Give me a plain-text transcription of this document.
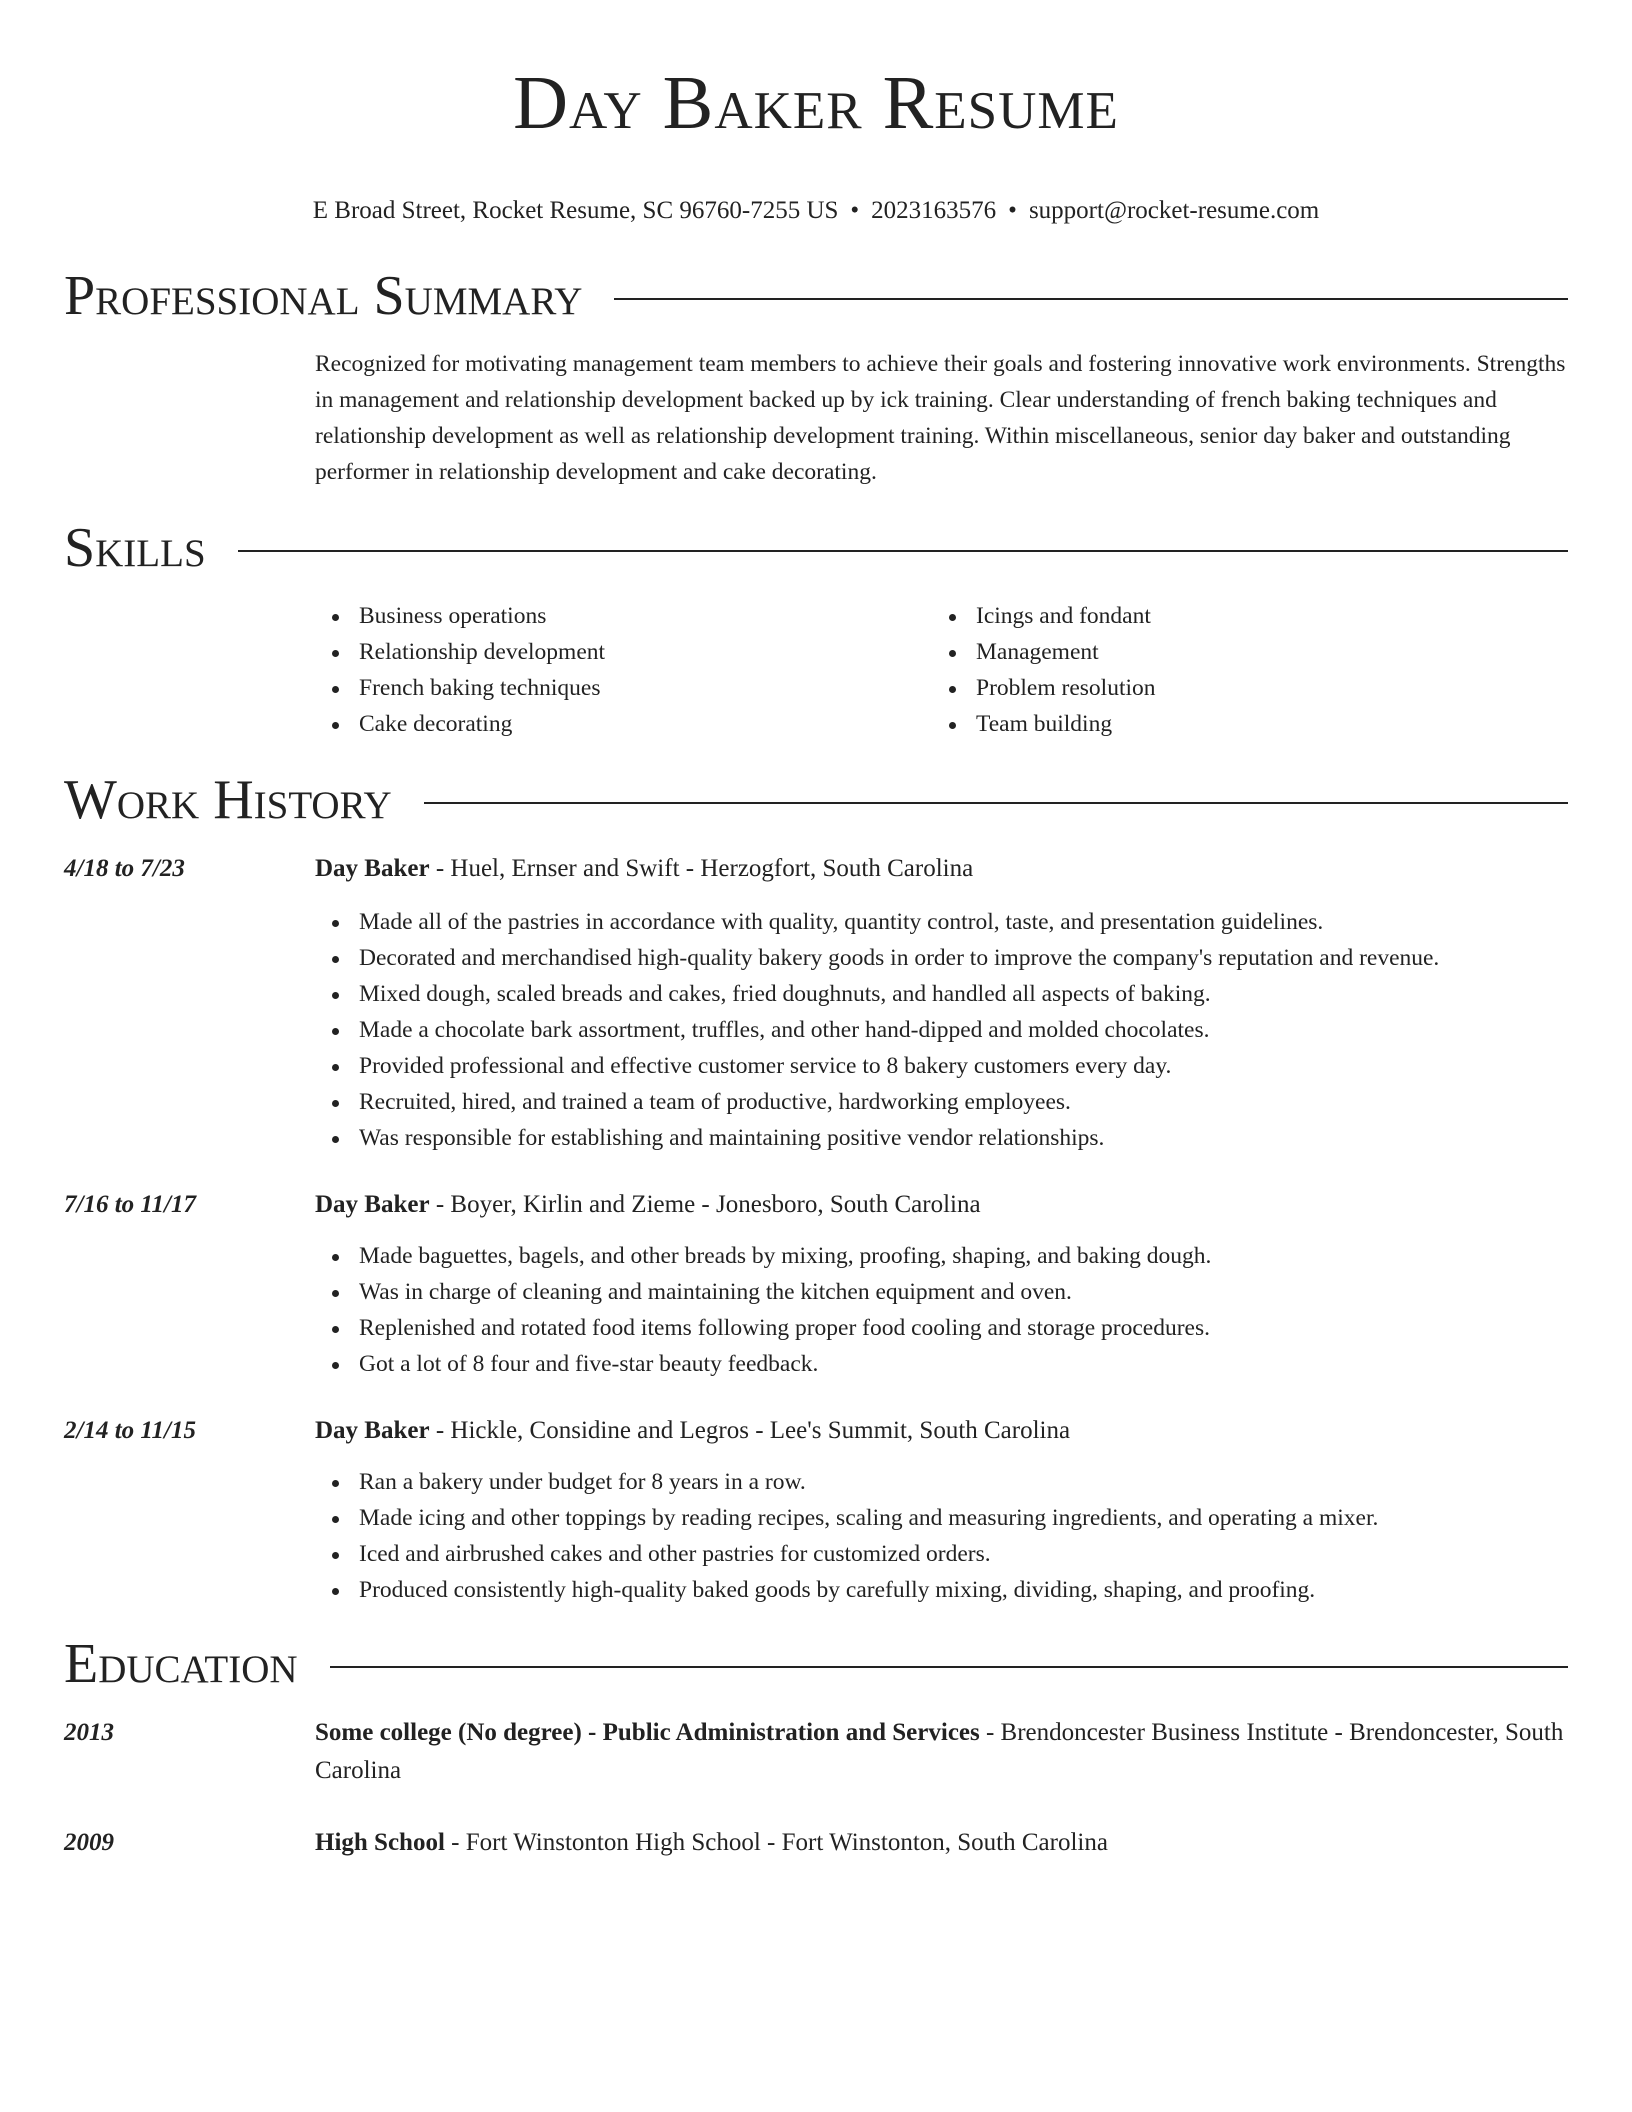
Day Baker Resume
E Broad Street, Rocket Resume, SC 96760-7255 US • 2023163576 • support@rocket-resume.com
Professional Summary

Recognized for motivating management team members to achieve their goals and fostering innovative work environments. Strengths in management and relationship development backed up by ick training. Clear understanding of french baking techniques and relationship development as well as relationship development training. Within miscellaneous, senior day baker and outstanding performer in relationship development and cake decorating.

Skills
Business operations
Relationship development
French baking techniques
Cake decorating
Icings and fondant
Management
Problem resolution
Team building
Work History
4/18 to 7/23	Day Baker - Huel, Ernser and Swift - Herzogfort, South Carolina
Made all of the pastries in accordance with quality, quantity control, taste, and presentation guidelines.
Decorated and merchandised high-quality bakery goods in order to improve the company's reputation and revenue.
Mixed dough, scaled breads and cakes, fried doughnuts, and handled all aspects of baking.
Made a chocolate bark assortment, truffles, and other hand-dipped and molded chocolates.
Provided professional and effective customer service to 8 bakery customers every day.
Recruited, hired, and trained a team of productive, hardworking employees.
Was responsible for establishing and maintaining positive vendor relationships.
7/16 to 11/17	Day Baker - Boyer, Kirlin and Zieme - Jonesboro, South Carolina
Made baguettes, bagels, and other breads by mixing, proofing, shaping, and baking dough.
Was in charge of cleaning and maintaining the kitchen equipment and oven.
Replenished and rotated food items following proper food cooling and storage procedures.
Got a lot of 8 four and five-star beauty feedback.
2/14 to 11/15	Day Baker - Hickle, Considine and Legros - Lee's Summit, South Carolina
Ran a bakery under budget for 8 years in a row.
Made icing and other toppings by reading recipes, scaling and measuring ingredients, and operating a mixer.
Iced and airbrushed cakes and other pastries for customized orders.
Produced consistently high-quality baked goods by carefully mixing, dividing, shaping, and proofing.
Education
2013	Some college (No degree) - Public Administration and Services - Brendoncester Business Institute - Brendoncester, South Carolina
2009	High School - Fort Winstonton High School - Fort Winstonton, South Carolina
